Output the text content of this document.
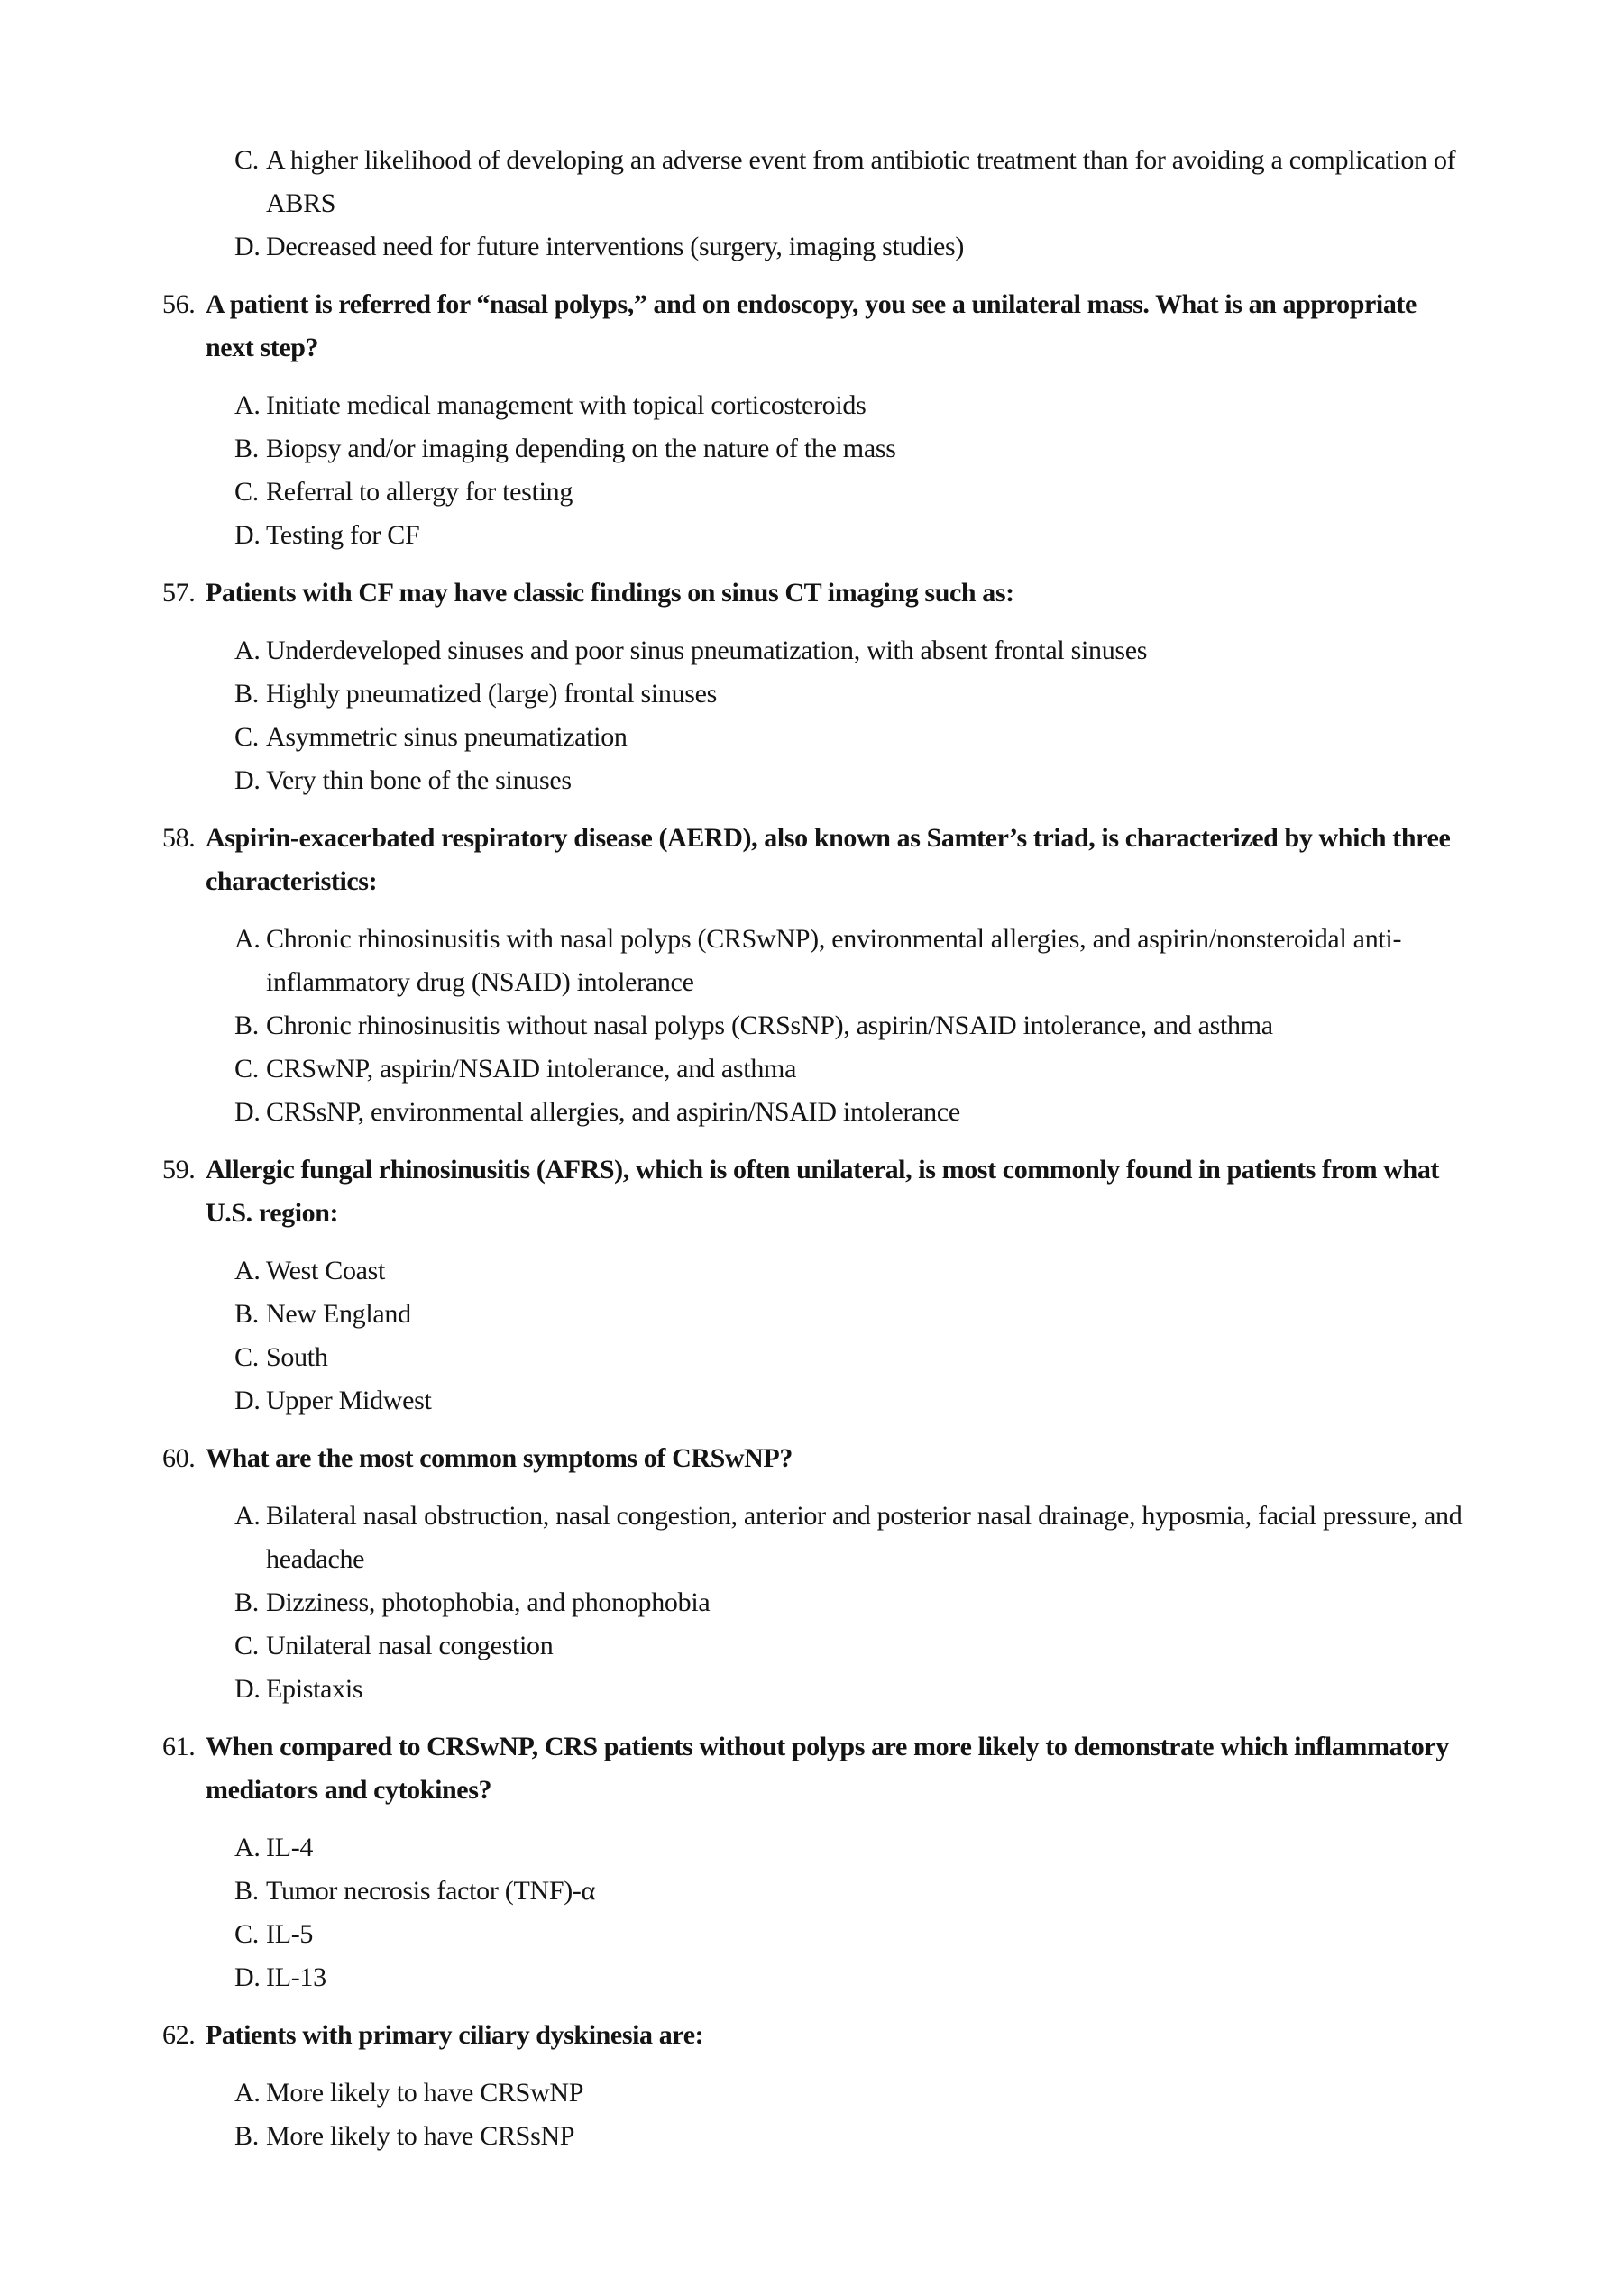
C. A higher likelihood of developing an adverse event from antibiotic treatment than for avoiding a complication of ABRS
D. Decreased need for future interventions (surgery, imaging studies)
56. A patient is referred for “nasal polyps,” and on endoscopy, you see a unilateral mass. What is an appropriate next step?
A. Initiate medical management with topical corticosteroids
B. Biopsy and/or imaging depending on the nature of the mass
C. Referral to allergy for testing
D. Testing for CF
57. Patients with CF may have classic findings on sinus CT imaging such as:
A. Underdeveloped sinuses and poor sinus pneumatization, with absent frontal sinuses
B. Highly pneumatized (large) frontal sinuses
C. Asymmetric sinus pneumatization
D. Very thin bone of the sinuses
58. Aspirin-exacerbated respiratory disease (AERD), also known as Samter’s triad, is characterized by which three characteristics:
A. Chronic rhinosinusitis with nasal polyps (CRSwNP), environmental allergies, and aspirin/nonsteroidal anti-inflammatory drug (NSAID) intolerance
B. Chronic rhinosinusitis without nasal polyps (CRSsNP), aspirin/NSAID intolerance, and asthma
C. CRSwNP, aspirin/NSAID intolerance, and asthma
D. CRSsNP, environmental allergies, and aspirin/NSAID intolerance
59. Allergic fungal rhinosinusitis (AFRS), which is often unilateral, is most commonly found in patients from what U.S. region:
A. West Coast
B. New England
C. South
D. Upper Midwest
60. What are the most common symptoms of CRSwNP?
A. Bilateral nasal obstruction, nasal congestion, anterior and posterior nasal drainage, hyposmia, facial pressure, and headache
B. Dizziness, photophobia, and phonophobia
C. Unilateral nasal congestion
D. Epistaxis
61. When compared to CRSwNP, CRS patients without polyps are more likely to demonstrate which inflammatory mediators and cytokines?
A. IL-4
B. Tumor necrosis factor (TNF)-α
C. IL-5
D. IL-13
62. Patients with primary ciliary dyskinesia are:
A. More likely to have CRSwNP
B. More likely to have CRSsNP
